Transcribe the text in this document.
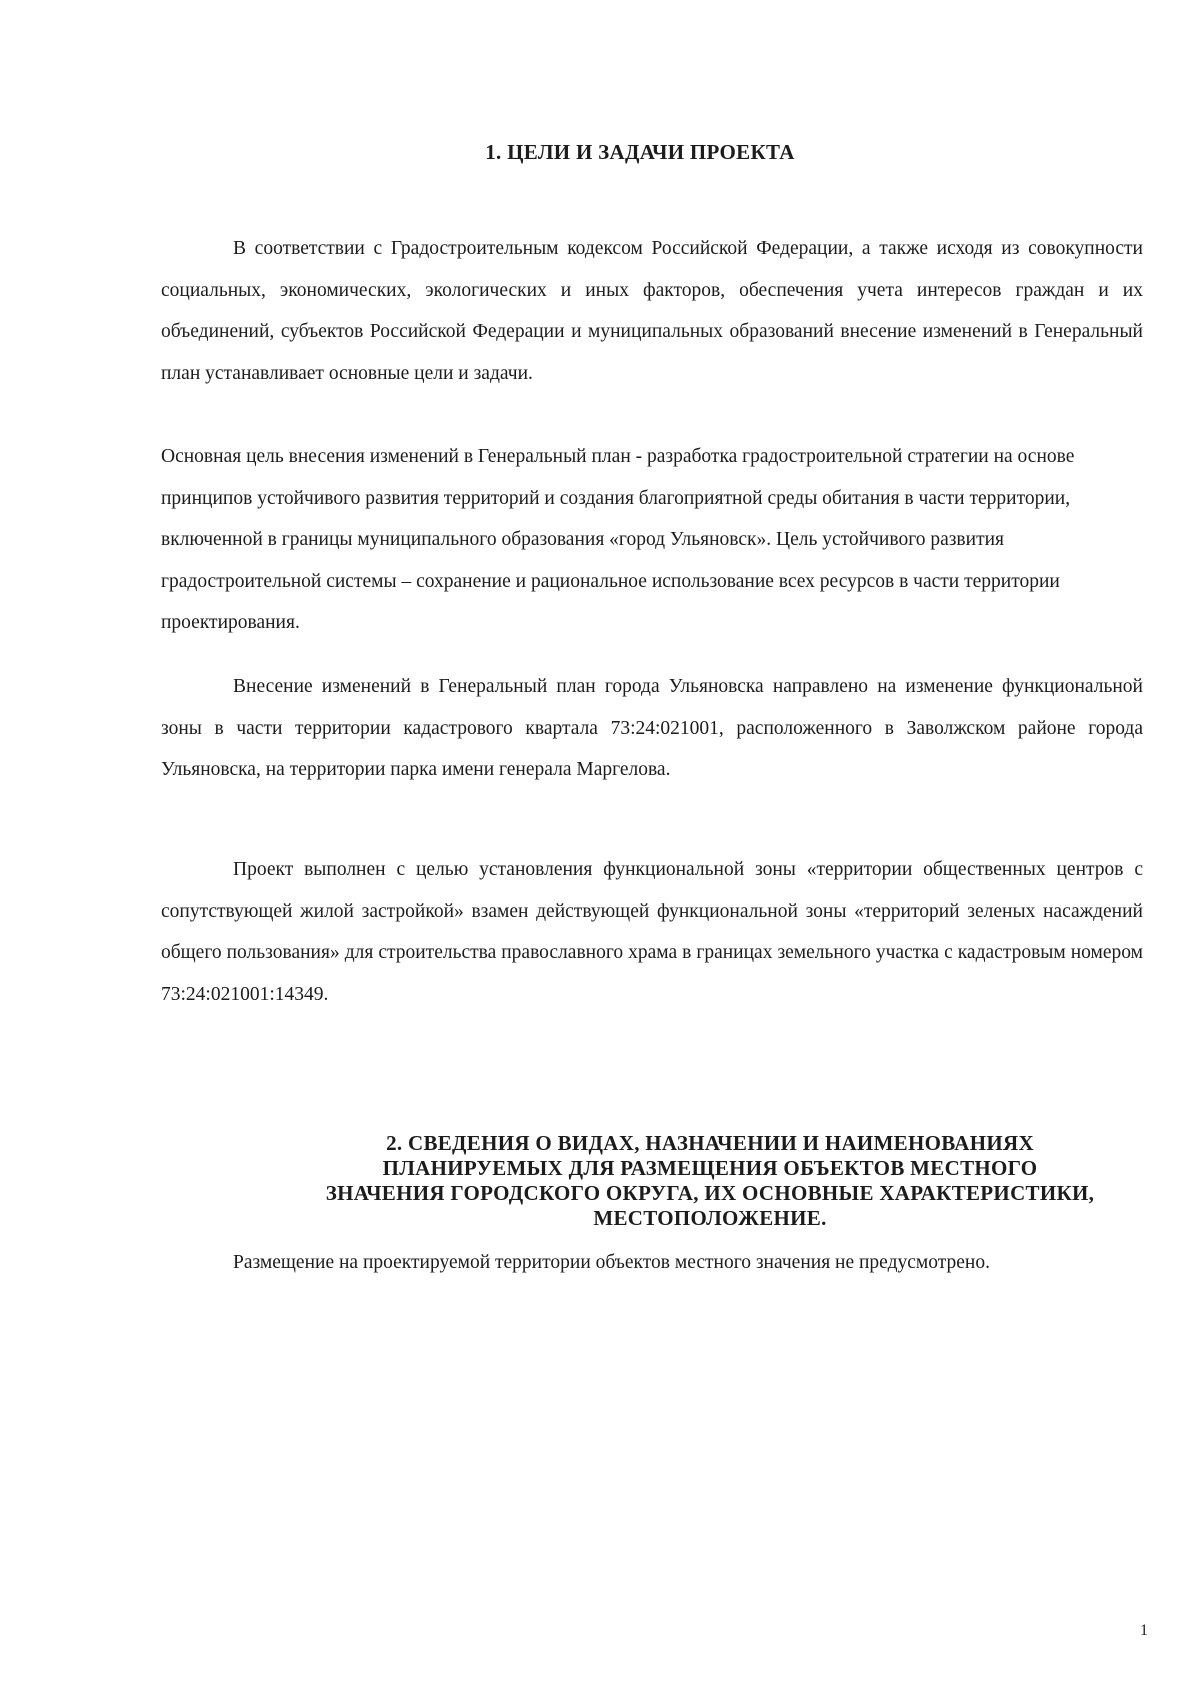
1. ЦЕЛИ И ЗАДАЧИ ПРОЕКТА

В соответствии с Градостроительным кодексом Российской Федерации, а также исходя из совокупности социальных, экономических, экологических и иных факторов, обеспечения учета интересов граждан и их объединений, субъектов Российской Федерации и муниципальных образований внесение изменений в Генеральный план устанавливает основные цели и задачи.

Основная цель внесения изменений в Генеральный план - разработка градостроительной стратегии на основе принципов устойчивого развития территорий и создания благоприятной среды обитания в части территории, включенной в границы муниципального образования «город Ульяновск». Цель устойчивого развития градостроительной системы – сохранение и рациональное использование всех ресурсов в части территории проектирования.

Внесение изменений в Генеральный план города Ульяновска направлено на изменение функциональной зоны в части территории кадастрового квартала 73:24:021001, расположенного в Заволжском районе города Ульяновска, на территории парка имени генерала Маргелова.

Проект выполнен с целью установления функциональной зоны «территории общественных центров с сопутствующей жилой застройкой» взамен действующей функциональной зоны «территорий зеленых насаждений общего пользования» для строительства православного храма в границах земельного участка с кадастровым номером 73:24:021001:14349.

2. СВЕДЕНИЯ О ВИДАХ, НАЗНАЧЕНИИ И НАИМЕНОВАНИЯХ
ПЛАНИРУЕМЫХ ДЛЯ РАЗМЕЩЕНИЯ ОБЪЕКТОВ МЕСТНОГО
ЗНАЧЕНИЯ ГОРОДСКОГО ОКРУГА, ИХ ОСНОВНЫЕ ХАРАКТЕРИСТИКИ,
МЕСТОПОЛОЖЕНИЕ.

Размещение на проектируемой территории объектов местного значения не предусмотрено.

1
